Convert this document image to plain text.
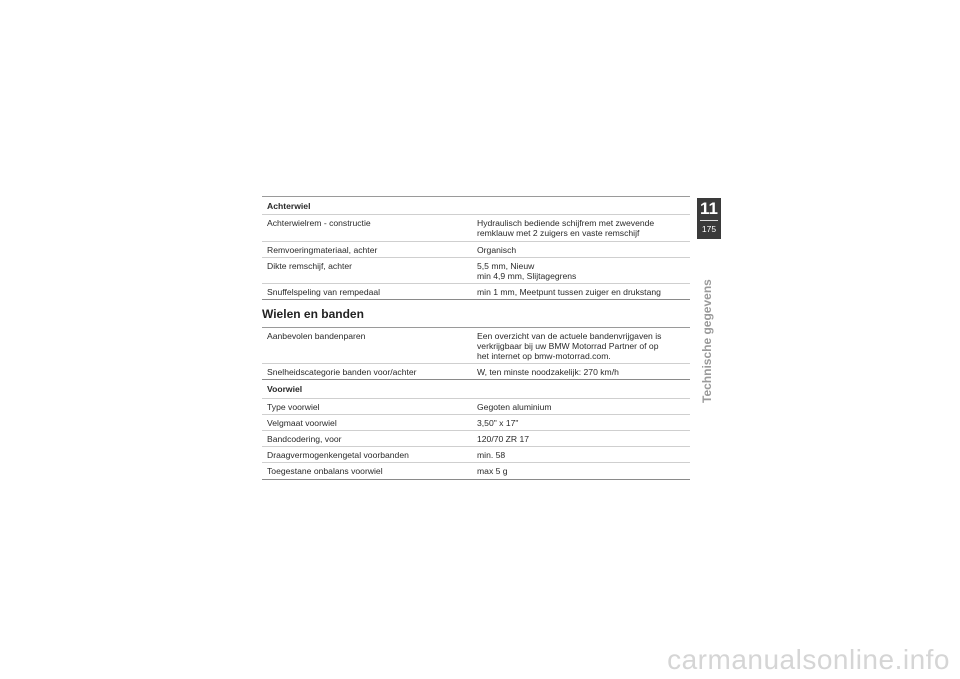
Achterwiel
Achterwielrem - constructie	Hydraulisch bediende schijfrem met zwevende
remklauw met 2 zuigers en vaste remschijf
Remvoeringmateriaal, achter	Organisch
Dikte remschijf, achter	5,5 mm, Nieuw
min 4,9 mm, Slijtagegrens
Snuffelspeling van rempedaal	min 1 mm, Meetpunt tussen zuiger en drukstang
Wielen en banden
Aanbevolen bandenparen	Een overzicht van de actuele bandenvrijgaven is
verkrijgbaar bij uw BMW Motorrad Partner of op
het internet op bmw-motorrad.com.
Snelheidscategorie banden voor/achter	W, ten minste noodzakelijk: 270 km/h
Voorwiel
Type voorwiel	Gegoten aluminium
Velgmaat voorwiel	3,50" x 17"
Bandcodering, voor	120/70 ZR 17
Draagvermogenkengetal voorbanden	min. 58
Toegestane onbalans voorwiel	max 5 g
11
175
Technische gegevens
carmanualsonline.info
